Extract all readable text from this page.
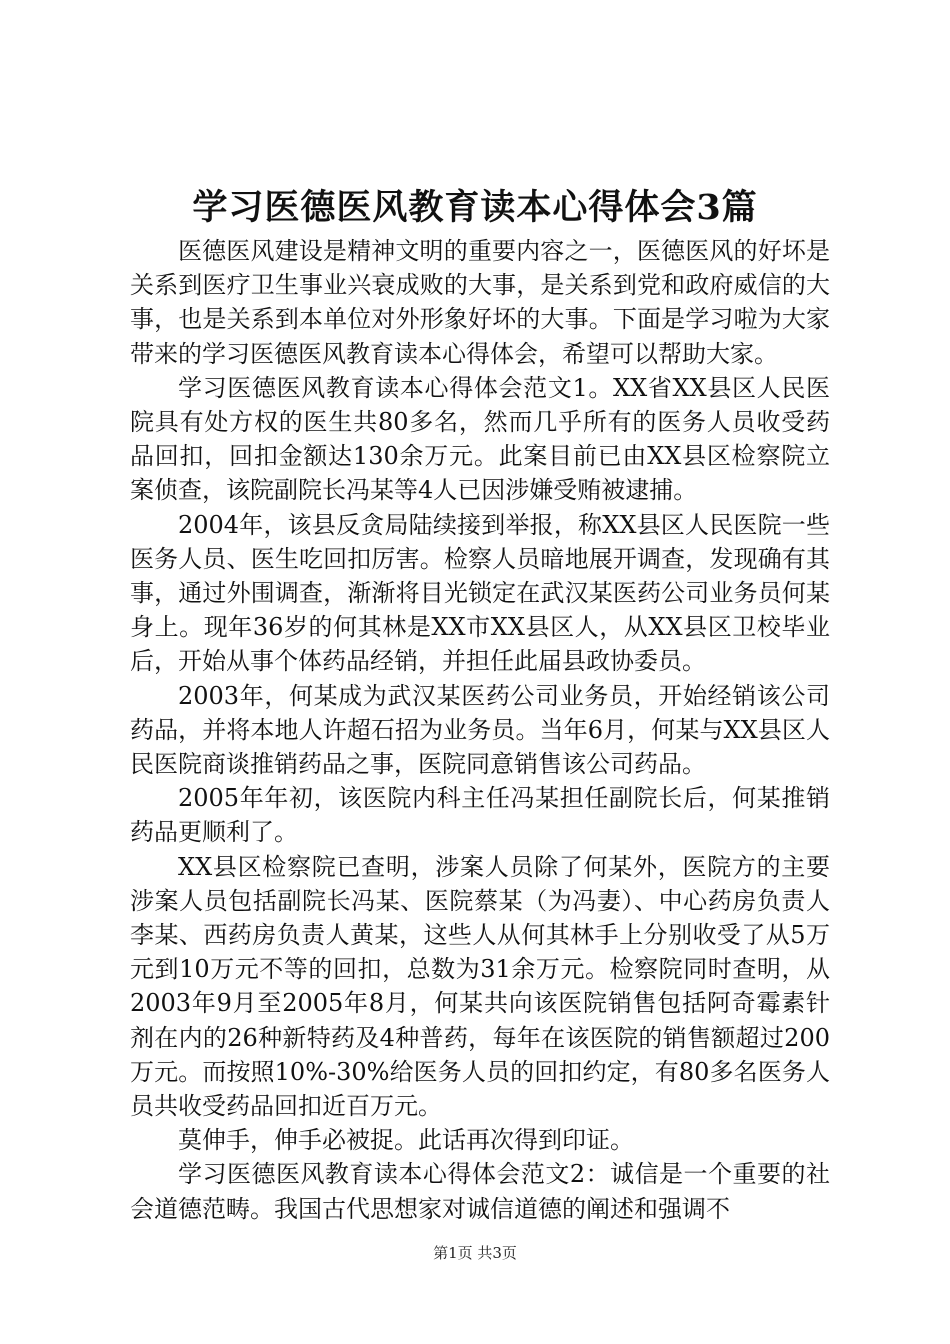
学习医德医风教育读本心得体会3篇

医德医风建设是精神文明的重要内容之一，医德医风的好坏是关系到医疗卫生事业兴衰成败的大事，是关系到党和政府威信的大事，也是关系到本单位对外形象好坏的大事。下面是学习啦为大家带来的学习医德医风教育读本心得体会，希望可以帮助大家。

学习医德医风教育读本心得体会范文1。XX省XX县区人民医院具有处方权的医生共80多名，然而几乎所有的医务人员收受药品回扣，回扣金额达130余万元。此案目前已由XX县区检察院立案侦查，该院副院长冯某等4人已因涉嫌受贿被逮捕。

2004年，该县反贪局陆续接到举报，称XX县区人民医院一些医务人员、医生吃回扣厉害。检察人员暗地展开调查，发现确有其事，通过外围调查，渐渐将目光锁定在武汉某医药公司业务员何某身上。现年36岁的何其林是XX市XX县区人，从XX县区卫校毕业后，开始从事个体药品经销，并担任此届县政协委员。

2003年，何某成为武汉某医药公司业务员，开始经销该公司药品，并将本地人许超石招为业务员。当年6月，何某与XX县区人民医院商谈推销药品之事，医院同意销售该公司药品。

2005年年初，该医院内科主任冯某担任副院长后，何某推销药品更顺利了。

XX县区检察院已查明，涉案人员除了何某外，医院方的主要涉案人员包括副院长冯某、医院蔡某（为冯妻）、中心药房负责人李某、西药房负责人黄某，这些人从何其林手上分别收受了从5万元到10万元不等的回扣，总数为31余万元。检察院同时查明，从2003年9月至2005年8月，何某共向该医院销售包括阿奇霉素针剂在内的26种新特药及4种普药，每年在该医院的销售额超过200万元。而按照10%-30%给医务人员的回扣约定，有80多名医务人员共收受药品回扣近百万元。

莫伸手，伸手必被捉。此话再次得到印证。

学习医德医风教育读本心得体会范文2：诚信是一个重要的社会道德范畴。我国古代思想家对诚信道德的阐述和强调不

第1页 共3页
